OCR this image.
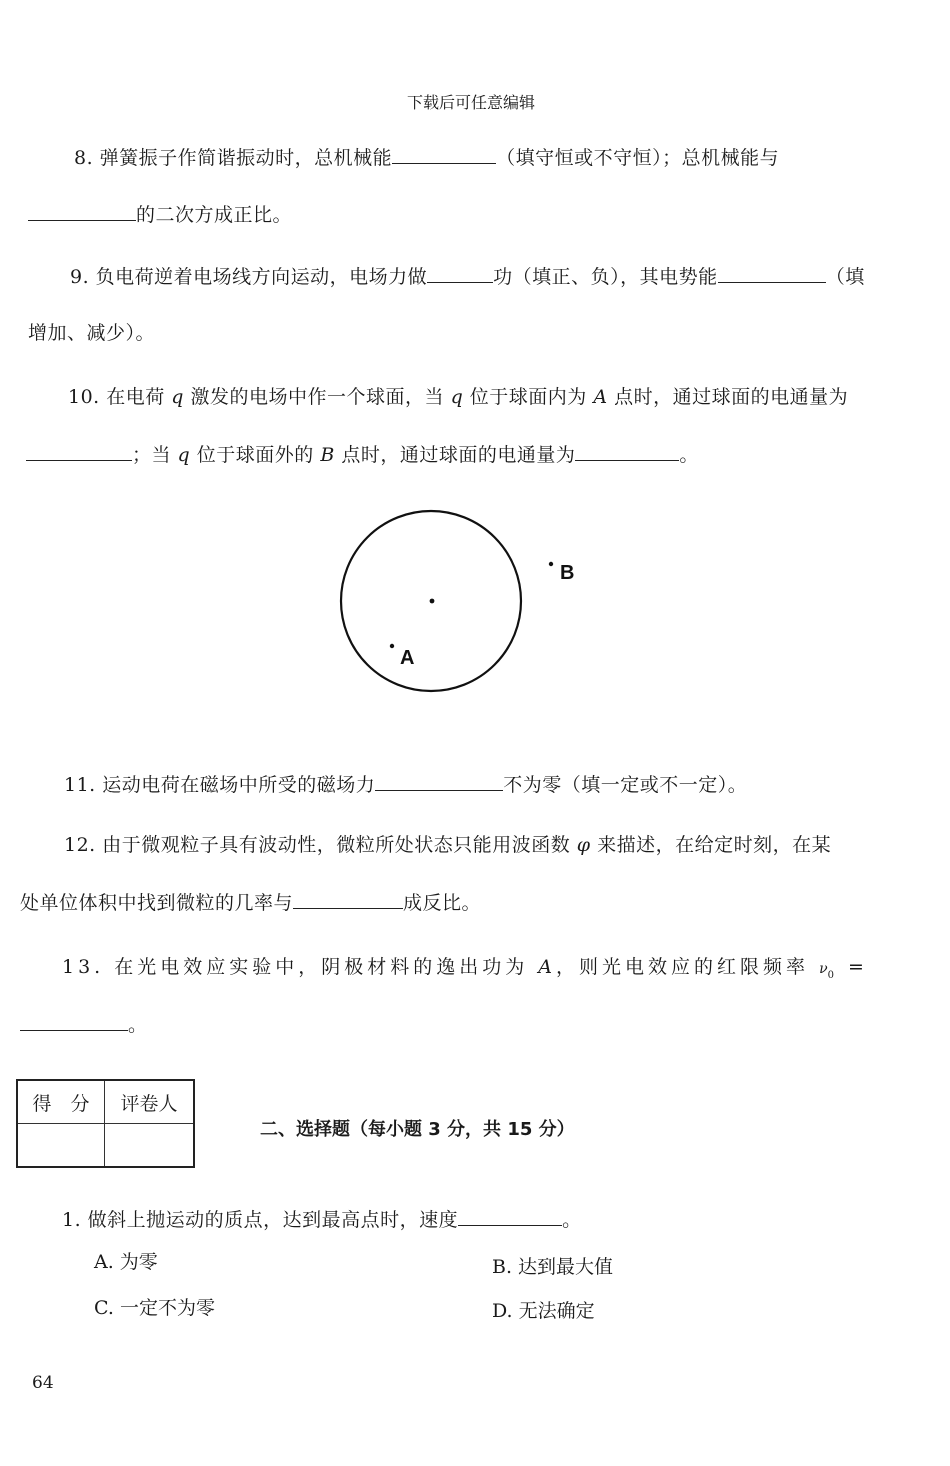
下载后可任意编辑
8. 弹簧振子作简谐振动时，总机械能	（填守恒或不守恒）；总机械能与
的二次方成正比。
9. 负电荷逆着电场线方向运动，电场力做	功（填正、负），其电势能	（填
增加、减少）。
10. 在电荷 q 激发的电场中作一个球面，当 q 位于球面内为 A 点时，通过球面的电通量为
；当 q 位于球面外的 B 点时，通过球面的电通量为	。
A
B
11. 运动电荷在磁场中所受的磁场力	不为零（填一定或不一定）。
12. 由于微观粒子具有波动性，微粒所处状态只能用波函数 φ 来描述，在给定时刻，在某
处单位体积中找到微粒的几率与	成反比。
13. 在光电效应实验中，阴极材料的逸出功为 A，则光电效应的红限频率 $\nu_0$ =
。
得　分	评卷人

二、选择题（每小题 3 分，共 15 分）
1. 做斜上抛运动的质点，达到最高点时，速度	。
A. 为零	B. 达到最大值
C. 一定不为零	D. 无法确定
64
